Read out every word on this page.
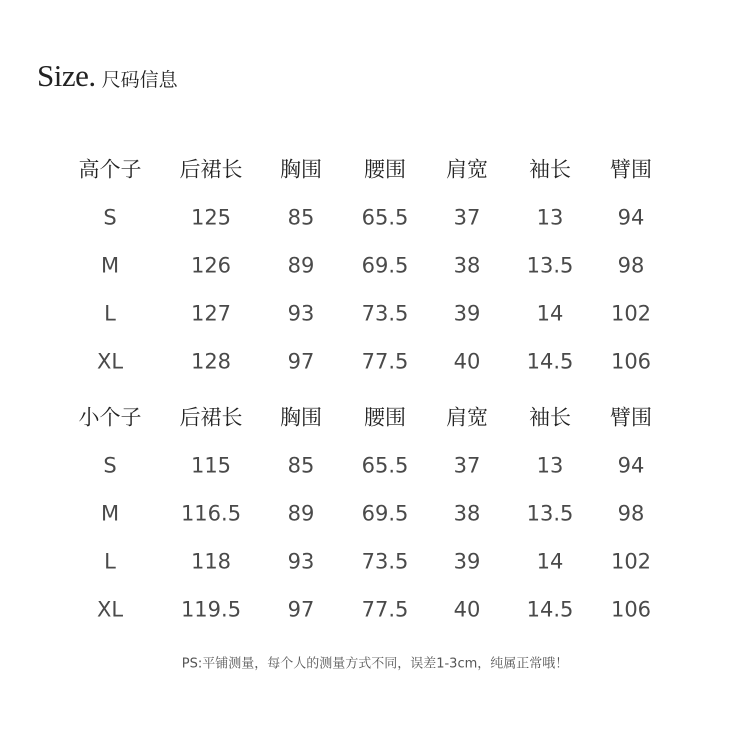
Size. 尺码信息
高个子 后裙长 胸围 腰围 肩宽 袖长 臂围
S	125	85 65.5 37	13	94
M	126	89 69.5 38 13.5 98
L	127	93 73.5 39	14 102
XL	128	97 77.5 40 14.5 106
小个子 后裙长 胸围 腰围 肩宽 袖长 臂围
S	115	85 65.5 37	13	94
M	116.5 89 69.5 38 13.5 98
L	118	93 73.5 39	14 102
XL	119.5 97 77.5 40 14.5 106
PS:平铺测量，每个人的测量方式不同，误差1-3cm，纯属正常哦！
